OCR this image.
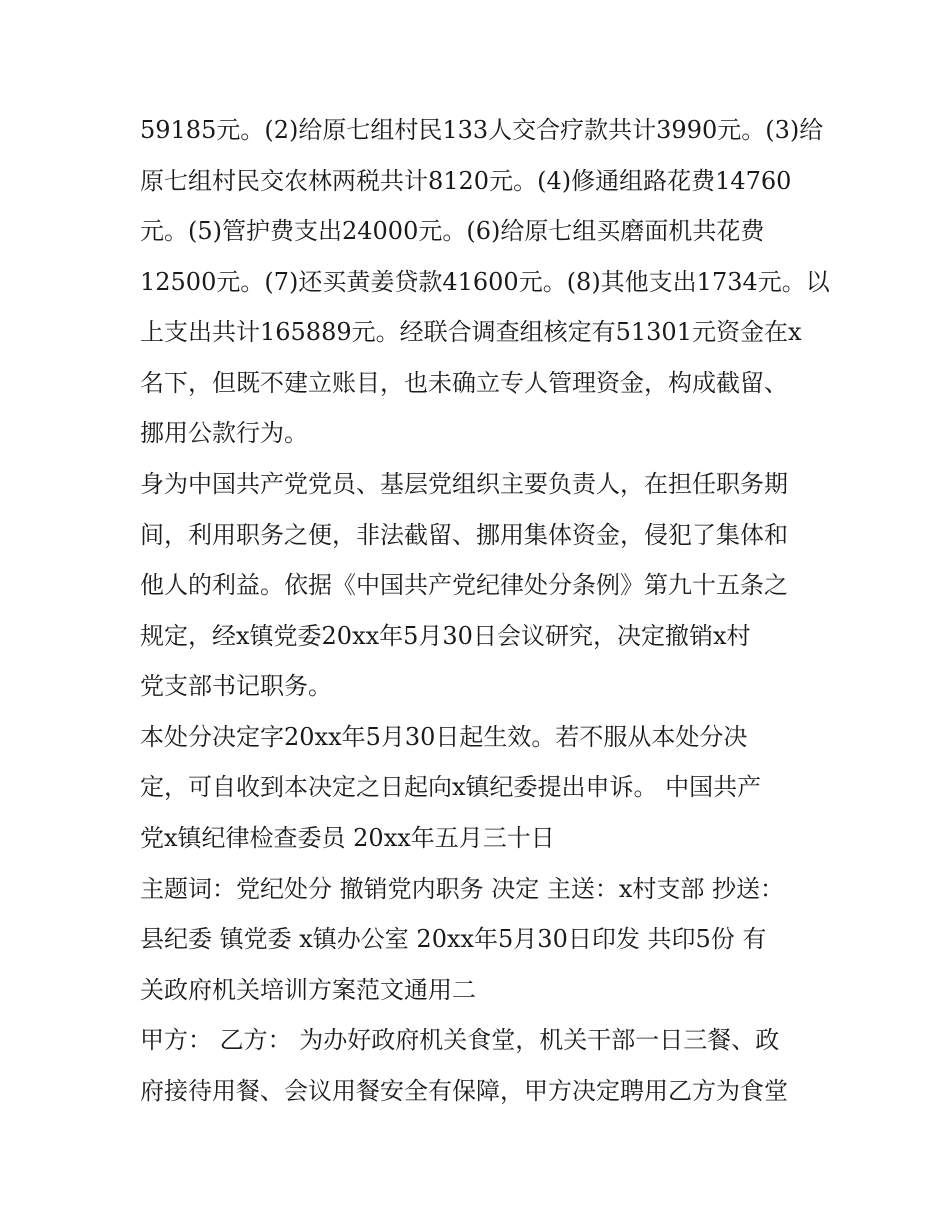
59185元。(2)给原七组村民133人交合疗款共计3990元。(3)给
原七组村民交农林两税共计8120元。(4)修通组路花费14760
元。(5)管护费支出24000元。(6)给原七组买磨面机共花费
12500元。(7)还买黄姜贷款41600元。(8)其他支出1734元。以
上支出共计165889元。经联合调查组核定有51301元资金在x
名下，但既不建立账目，也未确立专人管理资金，构成截留、
挪用公款行为。
身为中国共产党党员、基层党组织主要负责人，在担任职务期
间，利用职务之便，非法截留、挪用集体资金，侵犯了集体和
他人的利益。依据《中国共产党纪律处分条例》第九十五条之
规定，经x镇党委20xx年5月30日会议研究，决定撤销x村
党支部书记职务。
本处分决定字20xx年5月30日起生效。若不服从本处分决
定，可自收到本决定之日起向x镇纪委提出申诉。 中国共产
党x镇纪律检查委员 20xx年五月三十日
主题词：党纪处分 撤销党内职务 决定 主送：x村支部 抄送：
县纪委 镇党委 x镇办公室 20xx年5月30日印发 共印5份 有
关政府机关培训方案范文通用二
甲方： 乙方： 为办好政府机关食堂，机关干部一日三餐、政
府接待用餐、会议用餐安全有保障，甲方决定聘用乙方为食堂
